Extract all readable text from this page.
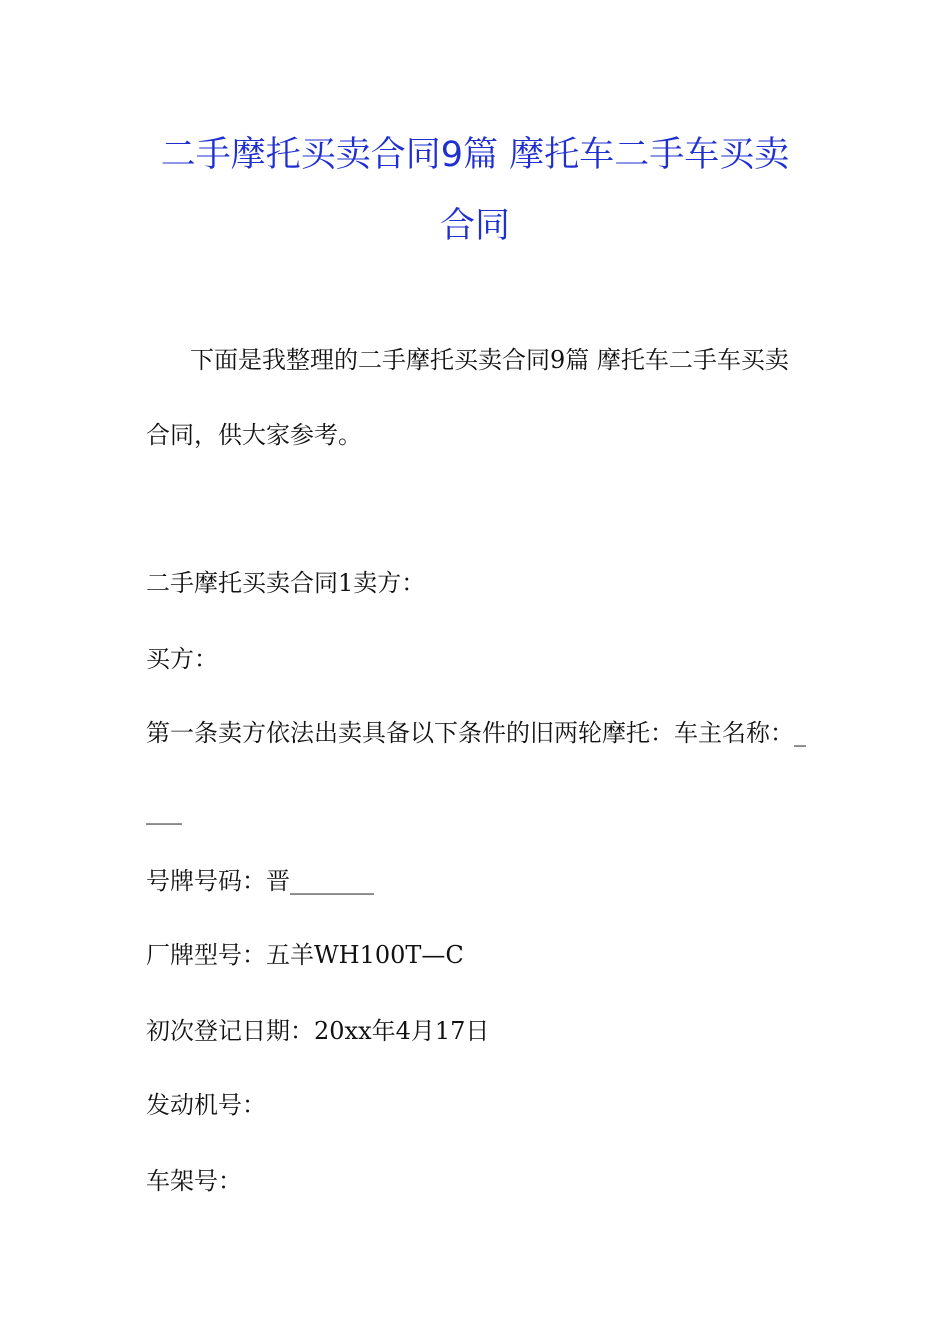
二手摩托买卖合同9篇 摩托车二手车买卖
合同
下面是我整理的二手摩托买卖合同9篇 摩托车二手车买卖
合同，供大家参考。
二手摩托买卖合同1卖方：
买方：
第一条卖方依法出卖具备以下条件的旧两轮摩托：车主名称：_
___
号牌号码：晋_______
厂牌型号：五羊WH100T—C
初次登记日期：20xx年4月17日
发动机号：
车架号：
